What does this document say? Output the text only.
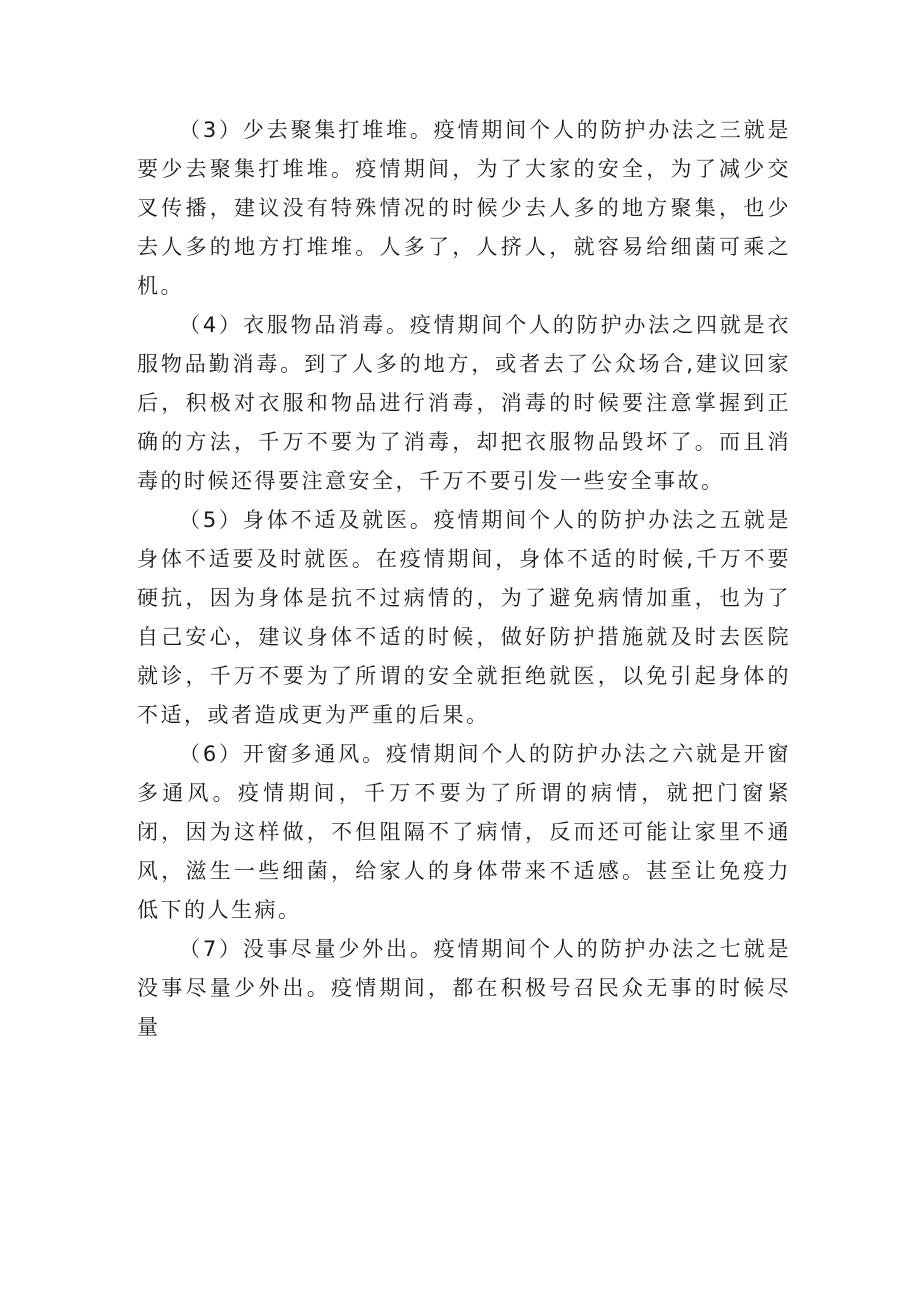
（3）少去聚集打堆堆。疫情期间个人的防护办法之三就是要少去聚集打堆堆。疫情期间，为了大家的安全，为了减少交叉传播，建议没有特殊情况的时候少去人多的地方聚集，也少去人多的地方打堆堆。人多了，人挤人，就容易给细菌可乘之机。

（4）衣服物品消毒。疫情期间个人的防护办法之四就是衣服物品勤消毒。到了人多的地方，或者去了公众场合,建议回家后，积极对衣服和物品进行消毒，消毒的时候要注意掌握到正确的方法，千万不要为了消毒，却把衣服物品毁坏了。而且消毒的时候还得要注意安全，千万不要引发一些安全事故。

（5）身体不适及就医。疫情期间个人的防护办法之五就是身体不适要及时就医。在疫情期间，身体不适的时候,千万不要硬抗，因为身体是抗不过病情的，为了避免病情加重，也为了自己安心，建议身体不适的时候，做好防护措施就及时去医院就诊，千万不要为了所谓的安全就拒绝就医，以免引起身体的不适，或者造成更为严重的后果。

（6）开窗多通风。疫情期间个人的防护办法之六就是开窗多通风。疫情期间，千万不要为了所谓的病情，就把门窗紧闭，因为这样做，不但阻隔不了病情，反而还可能让家里不通风，滋生一些细菌，给家人的身体带来不适感。甚至让免疫力低下的人生病。

（7）没事尽量少外出。疫情期间个人的防护办法之七就是没事尽量少外出。疫情期间，都在积极号召民众无事的时候尽量
